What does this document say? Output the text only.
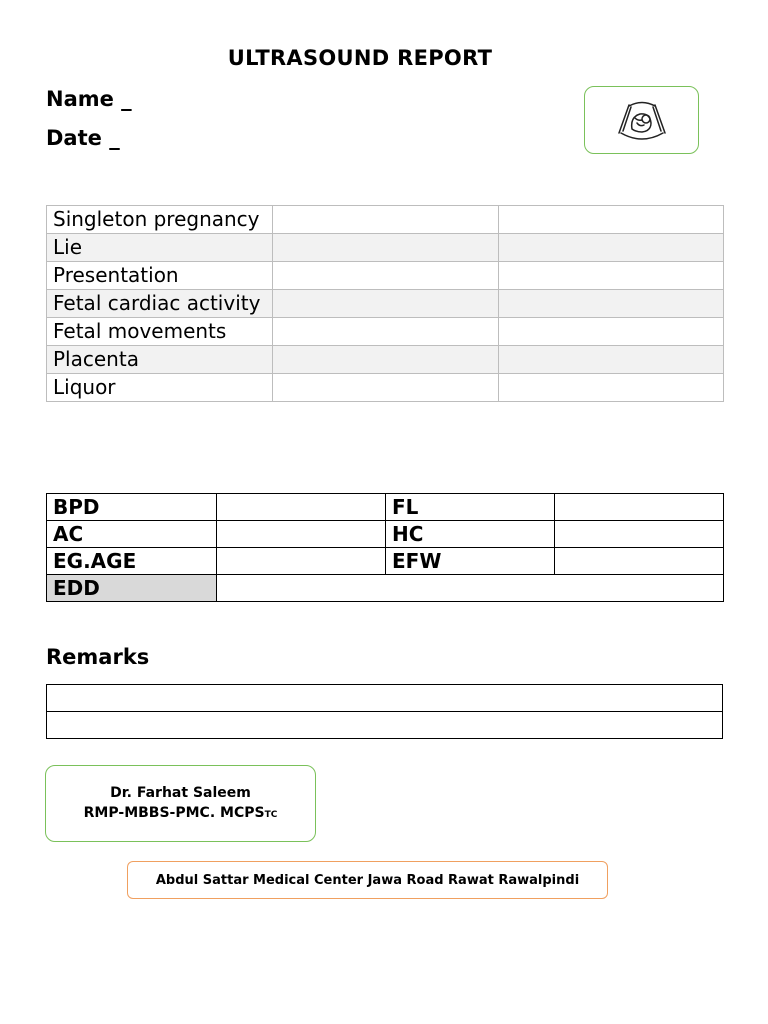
ULTRASOUND REPORT
Name _
Date _
Singleton pregnancy		
Lie		
Presentation		
Fetal cardiac activity		
Fetal movements		
Placenta		
Liquor		
BPD		FL	
AC		HC	
EG.AGE		EFW	
EDD			
Remarks

Dr. Farhat Saleem
RMP-MBBS-PMC. MCPSTC
Abdul Sattar Medical Center Jawa Road Rawat Rawalpindi
